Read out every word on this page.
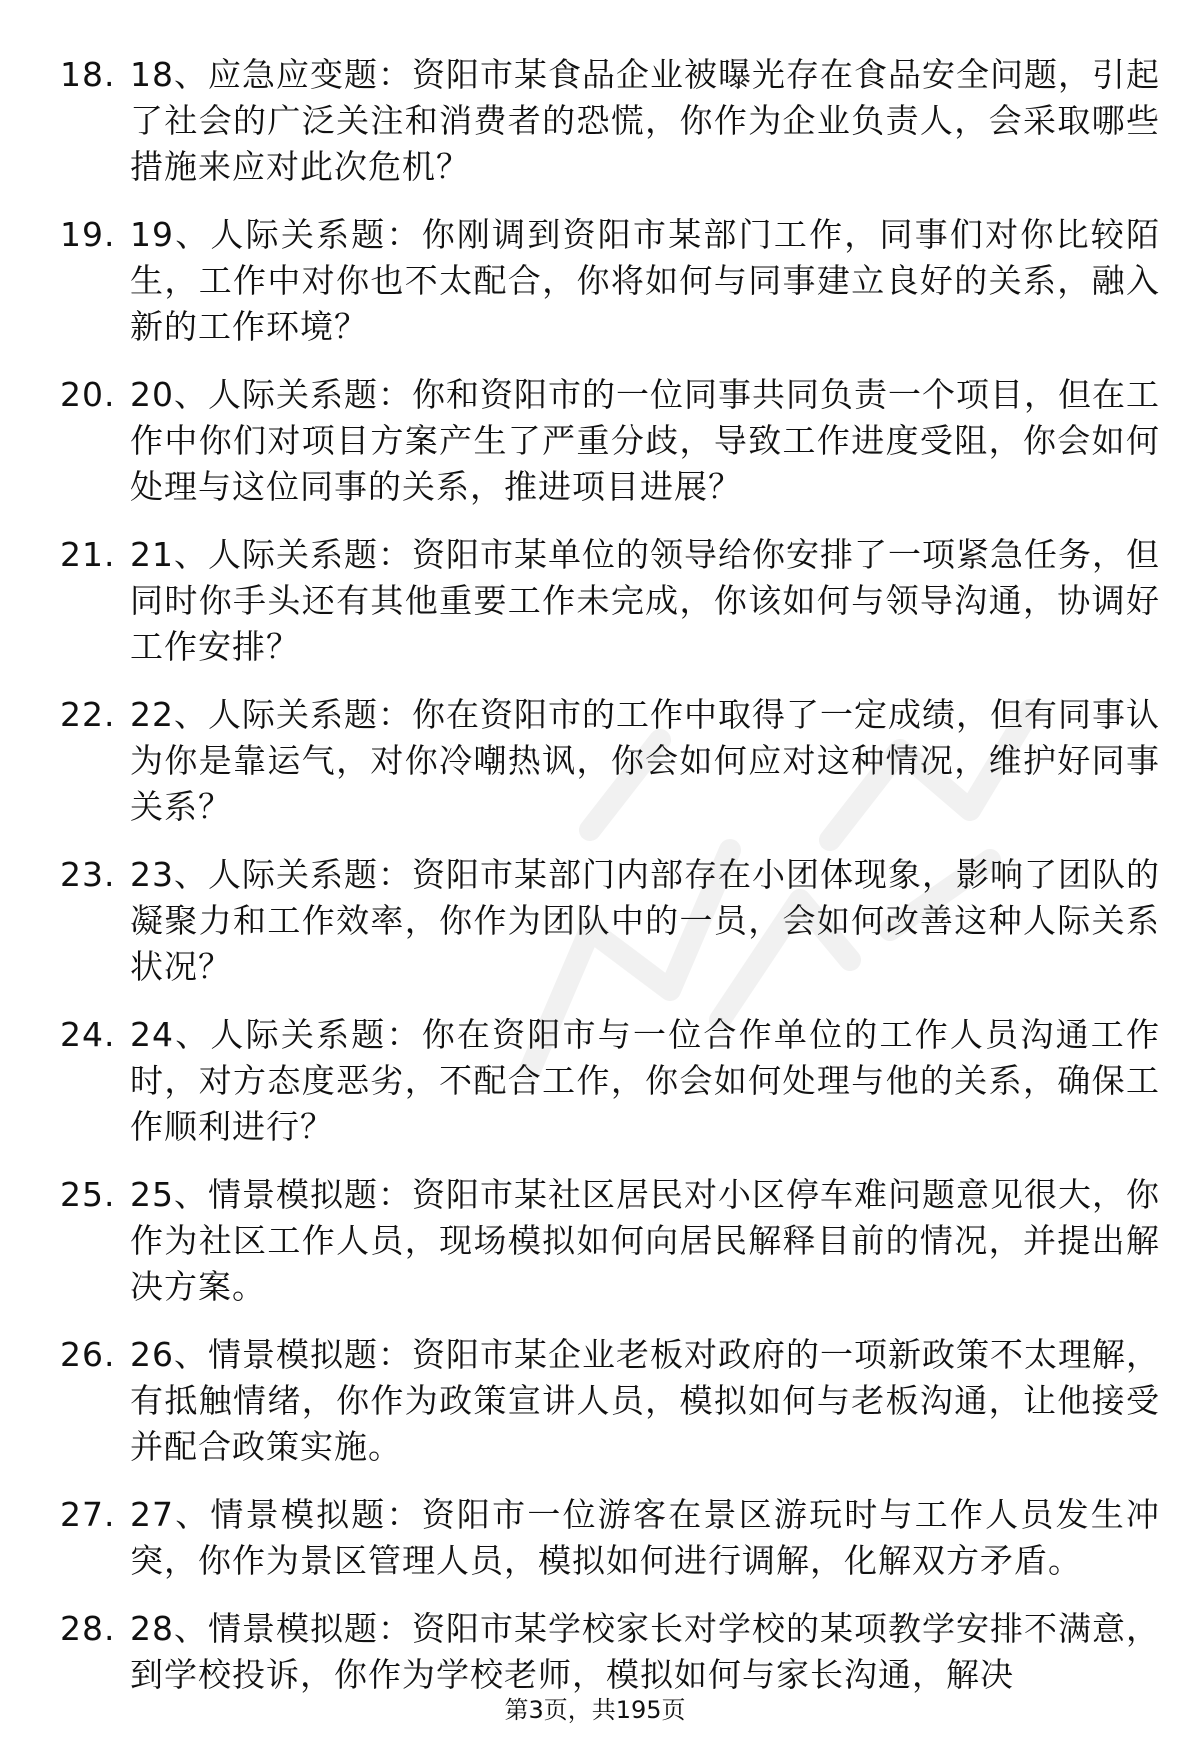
18. 18、应急应变题：资阳市某食品企业被曝光存在食品安全问题，引起了社会的广泛关注和消费者的恐慌，你作为企业负责人，会采取哪些措施来应对此次危机？
19. 19、人际关系题：你刚调到资阳市某部门工作，同事们对你比较陌生，工作中对你也不太配合，你将如何与同事建立良好的关系，融入新的工作环境？
20. 20、人际关系题：你和资阳市的一位同事共同负责一个项目，但在工作中你们对项目方案产生了严重分歧，导致工作进度受阻，你会如何处理与这位同事的关系，推进项目进展？
21. 21、人际关系题：资阳市某单位的领导给你安排了一项紧急任务，但同时你手头还有其他重要工作未完成，你该如何与领导沟通，协调好工作安排？
22. 22、人际关系题：你在资阳市的工作中取得了一定成绩，但有同事认为你是靠运气，对你冷嘲热讽，你会如何应对这种情况，维护好同事关系？
23. 23、人际关系题：资阳市某部门内部存在小团体现象，影响了团队的凝聚力和工作效率，你作为团队中的一员，会如何改善这种人际关系状况？
24. 24、人际关系题：你在资阳市与一位合作单位的工作人员沟通工作时，对方态度恶劣，不配合工作，你会如何处理与他的关系，确保工作顺利进行？
25. 25、情景模拟题：资阳市某社区居民对小区停车难问题意见很大，你作为社区工作人员，现场模拟如何向居民解释目前的情况，并提出解决方案。
26. 26、情景模拟题：资阳市某企业老板对政府的一项新政策不太理解，有抵触情绪，你作为政策宣讲人员，模拟如何与老板沟通，让他接受并配合政策实施。
27. 27、情景模拟题：资阳市一位游客在景区游玩时与工作人员发生冲突，你作为景区管理人员，模拟如何进行调解，化解双方矛盾。
28. 28、情景模拟题：资阳市某学校家长对学校的某项教学安排不满意，到学校投诉，你作为学校老师，模拟如何与家长沟通，解决
第3页，共195页
